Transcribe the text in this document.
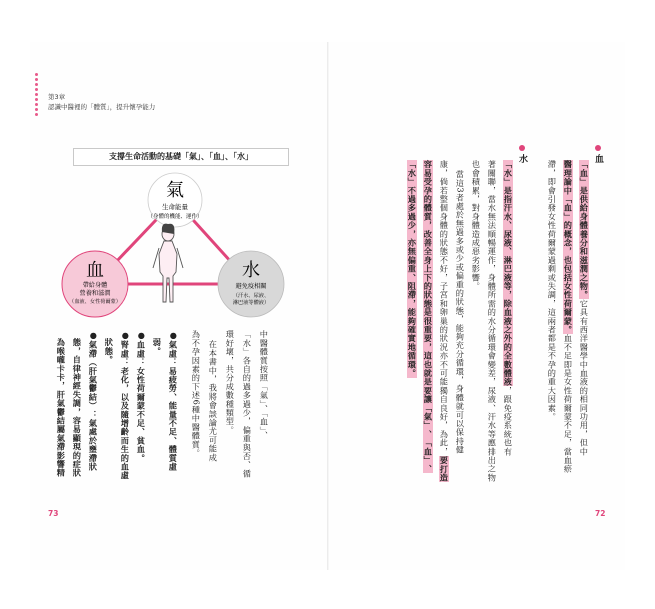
第3章
認識中醫裡的「體質」，提升懷孕能力
支撐生命活動的基礎「氣」、「血」、「水」
氣
生命能量
（身體的機能、運作）
血
帶給身體
營養和滋潤
（血液、女性荷爾蒙）
水
避免疫相關
（汗水、尿液、
淋巴液等體液）
中醫體質按照「氣」、「血」、
「水」各自的過多過少，偏重與否、循
環好壞，共分成數種類型。
在本書中，我將會談論尤可能成
為不孕因素的下述6種中醫體質。
●氣虛：易疲勞、能量不足、體質虛
弱。
●血虛：女性荷爾蒙不足、貧血。
●腎虛：老化，以及隨增齡而生的血虛
狀態。
●氣滯（肝氣鬱結）：氣處於壅滯狀
態，自律神經失調，容易顯現的症狀
為喉嚨卡卡，肝氣鬱結屬氣滯影響精
73
血
「血」是供給身體養分和滋潤之物。它具有西洋醫學中血液的相同功用，但中
醫理論中「血」的概念，也包括女性荷爾蒙。血不足即是女性荷爾蒙不足，當血瘀
滯，即會引發女性荷爾蒙過剩或失調，這兩者都是不孕的重大因素。
水
「水」是指汗水、尿液、淋巴液等，除血液之外的全數體液，跟免疫系統也有
著關聯，當水無法順暢運作，身體所需的水分循環會變差，尿液、汗水等應排出之物
也會積累，對身體造成惡劣影響。
當這3者處於無過多或少或偏重的狀態，能夠充分循環，身體就可以保持健
康，倘若整個身體的狀態不好，子宮和卵巢的狀況亦不可能獨自良好，為此，要打造
容易受孕的體質，改善全身上下的狀態是很重要，這也就是要讓「氣」、「血」、
「水」不過多過少，亦無偏重、阻滯，能夠確實地循環。
72
